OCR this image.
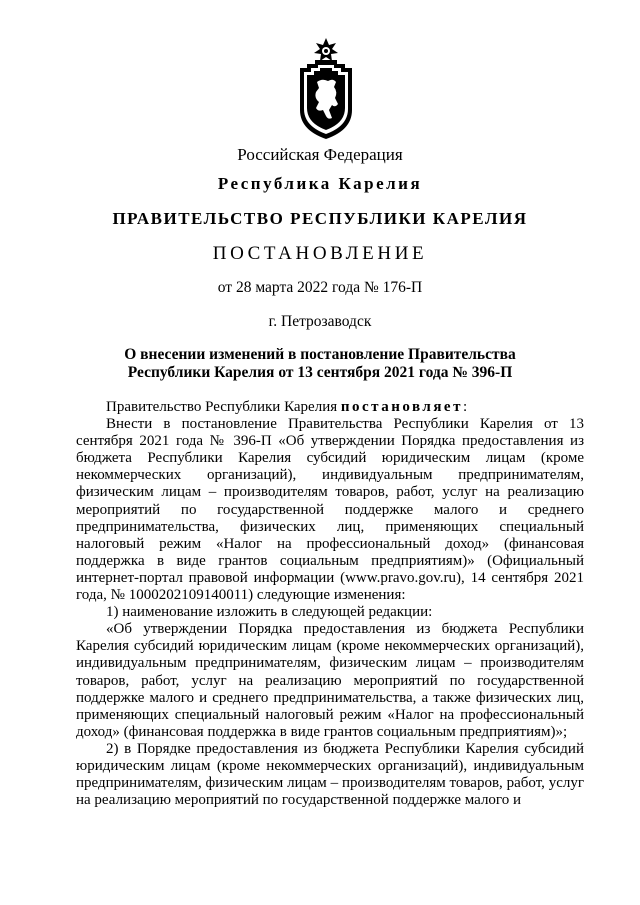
Российская Федерация
Республика Карелия
ПРАВИТЕЛЬСТВО РЕСПУБЛИКИ КАРЕЛИЯ
ПОСТАНОВЛЕНИЕ
от 28 марта 2022 года № 176-П
г. Петрозаводск
О внесении изменений в постановление Правительства
Республики Карелия от 13 сентября 2021 года № 396-П

Правительство Республики Карелия постановляет:

Внести в постановление Правительства Республики Карелия от 13 сентября 2021 года № 396-П «Об утверждении Порядка предоставления из бюджета Республики Карелия субсидий юридическим лицам (кроме некоммерческих организаций), индивидуальным предпринимателям, физическим лицам – производителям товаров, работ, услуг на реализацию мероприятий по государственной поддержке малого и среднего предпринимательства, физических лиц, применяющих специальный налоговый режим «Налог на профессиональный доход» (финансовая поддержка в виде грантов социальным предприятиям)» (Официальный интернет-портал правовой информации (www.pravo.gov.ru), 14 сентября 2021 года, № 1000202109140011) следующие изменения:

1) наименование изложить в следующей редакции:

«Об утверждении Порядка предоставления из бюджета Республики Карелия субсидий юридическим лицам (кроме некоммерческих организаций), индивидуальным предпринимателям, физическим лицам – производителям товаров, работ, услуг на реализацию мероприятий по государственной поддержке малого и среднего предпринимательства, а также физических лиц, применяющих специальный налоговый режим «Налог на профессиональный доход» (финансовая поддержка в виде грантов социальным предприятиям)»;

2) в Порядке предоставления из бюджета Республики Карелия субсидий юридическим лицам (кроме некоммерческих организаций), индивидуальным предпринимателям, физическим лицам – производителям товаров, работ, услуг на реализацию мероприятий по государственной поддержке малого и
